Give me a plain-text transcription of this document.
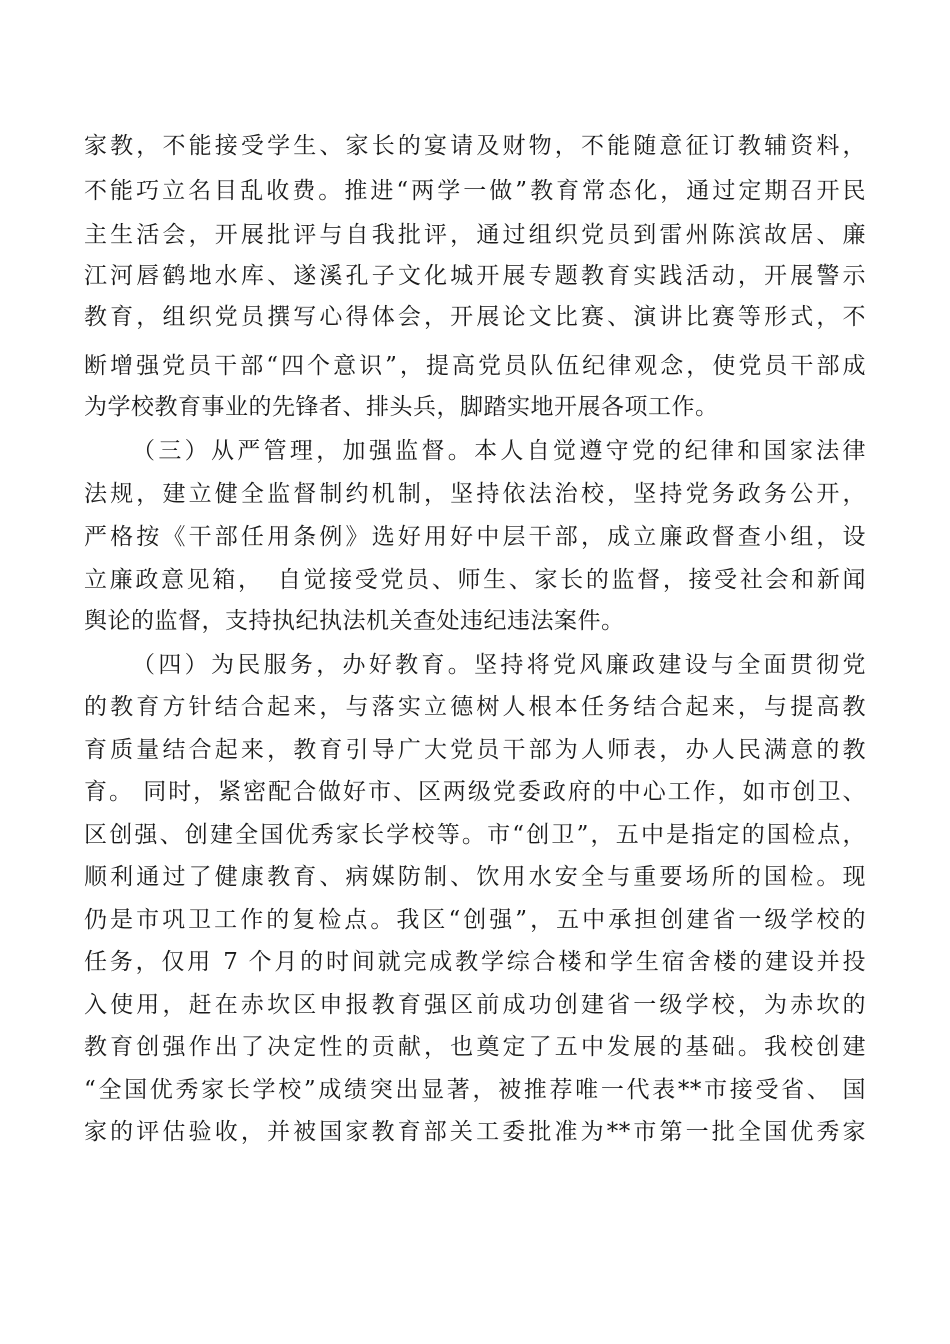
家教，不能接受学生、家长的宴请及财物，不能随意征订教辅资料，

不能巧立名目乱收费。推进“两学一做”教育常态化，通过定期召开民

主生活会，开展批评与自我批评，通过组织党员到雷州陈滨故居、廉

江河唇鹤地水库、遂溪孔子文化城开展专题教育实践活动，开展警示

教育，组织党员撰写心得体会，开展论文比赛、演讲比赛等形式，不

断增强党员干部“四个意识”，提高党员队伍纪律观念，使党员干部成

为学校教育事业的先锋者、排头兵，脚踏实地开展各项工作。

（三）从严管理，加强监督。本人自觉遵守党的纪律和国家法律

法规，建立健全监督制约机制，坚持依法治校，坚持党务政务公开，

严格按《干部任用条例》选好用好中层干部，成立廉政督查小组，设

立廉政意见箱，　自觉接受党员、师生、家长的监督，接受社会和新闻

舆论的监督，支持执纪执法机关查处违纪违法案件。

（四）为民服务，办好教育。坚持将党风廉政建设与全面贯彻党

的教育方针结合起来，与落实立德树人根本任务结合起来，与提高教

育质量结合起来，教育引导广大党员干部为人师表，办人民满意的教

育。 同时，紧密配合做好市、区两级党委政府的中心工作，如市创卫、

区创强、创建全国优秀家长学校等。市“创卫”，五中是指定的国检点，

顺利通过了健康教育、病媒防制、饮用水安全与重要场所的国检。现

仍是市巩卫工作的复检点。我区“创强”，五中承担创建省一级学校的

任务，仅用 7 个月的时间就完成教学综合楼和学生宿舍楼的建设并投

入使用，赶在赤坎区申报教育强区前成功创建省一级学校，为赤坎的

教育创强作出了决定性的贡献，也奠定了五中发展的基础。我校创建

“全国优秀家长学校”成绩突出显著，被推荐唯一代表**市接受省、 国

家的评估验收，并被国家教育部关工委批准为**市第一批全国优秀家
